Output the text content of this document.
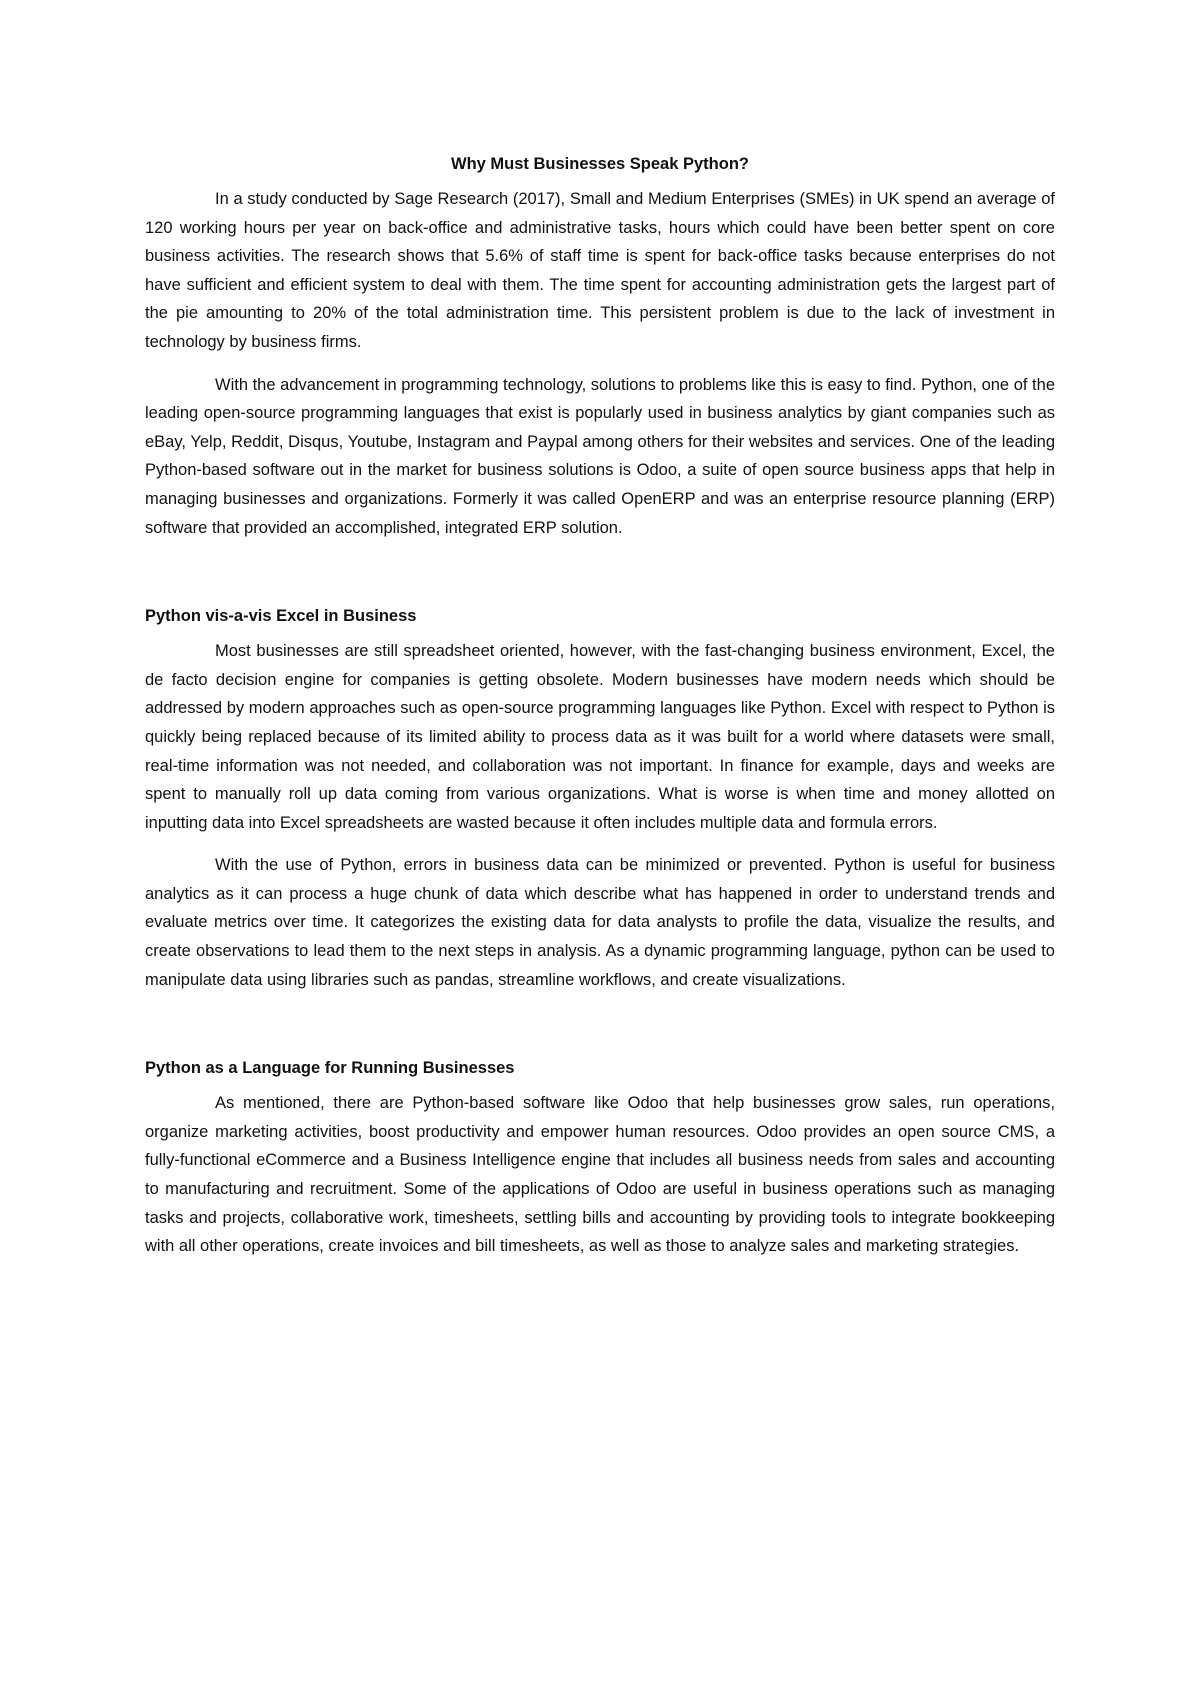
Why Must Businesses Speak Python?

In a study conducted by Sage Research (2017), Small and Medium Enterprises (SMEs) in UK spend an average of 120 working hours per year on back-office and administrative tasks, hours which could have been better spent on core business activities. The research shows that 5.6% of staff time is spent for back-office tasks because enterprises do not have sufficient and efficient system to deal with them. The time spent for accounting administration gets the largest part of the pie amounting to 20% of the total administration time. This persistent problem is due to the lack of investment in technology by business firms.

With the advancement in programming technology, solutions to problems like this is easy to find. Python, one of the leading open-source programming languages that exist is popularly used in business analytics by giant companies such as eBay, Yelp, Reddit, Disqus, Youtube, Instagram and Paypal among others for their websites and services. One of the leading Python-based software out in the market for business solutions is Odoo, a suite of open source business apps that help in managing businesses and organizations. Formerly it was called OpenERP and was an enterprise resource planning (ERP) software that provided an accomplished, integrated ERP solution.

Python vis-a-vis Excel in Business

Most businesses are still spreadsheet oriented, however, with the fast-changing business environment, Excel, the de facto decision engine for companies is getting obsolete. Modern businesses have modern needs which should be addressed by modern approaches such as open-source programming languages like Python. Excel with respect to Python is quickly being replaced because of its limited ability to process data as it was built for a world where datasets were small, real-time information was not needed, and collaboration was not important. In finance for example, days and weeks are spent to manually roll up data coming from various organizations. What is worse is when time and money allotted on inputting data into Excel spreadsheets are wasted because it often includes multiple data and formula errors.

With the use of Python, errors in business data can be minimized or prevented. Python is useful for business analytics as it can process a huge chunk of data which describe what has happened in order to understand trends and evaluate metrics over time. It categorizes the existing data for data analysts to profile the data, visualize the results, and create observations to lead them to the next steps in analysis. As a dynamic programming language, python can be used to manipulate data using libraries such as pandas, streamline workflows, and create visualizations.

Python as a Language for Running Businesses

As mentioned, there are Python-based software like Odoo that help businesses grow sales, run operations, organize marketing activities, boost productivity and empower human resources. Odoo provides an open source CMS, a fully-functional eCommerce and a Business Intelligence engine that includes all business needs from sales and accounting to manufacturing and recruitment. Some of the applications of Odoo are useful in business operations such as managing tasks and projects, collaborative work, timesheets, settling bills and accounting by providing tools to integrate bookkeeping with all other operations, create invoices and bill timesheets, as well as those to analyze sales and marketing strategies.
